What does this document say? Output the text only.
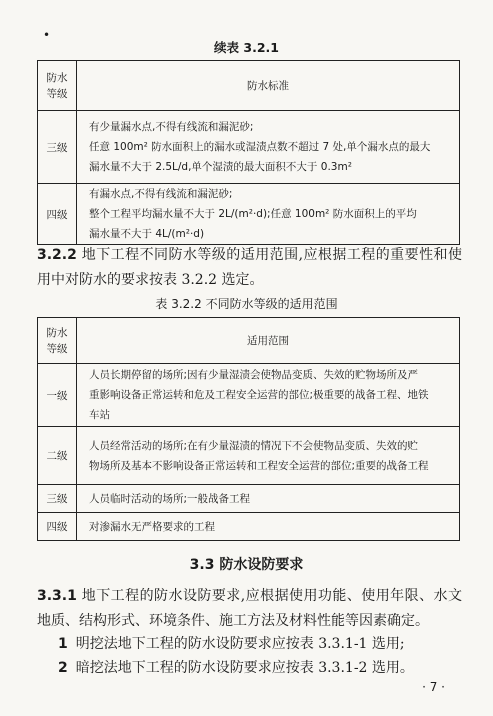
•
续表 3.2.1
防水
等级	防水标准
三级	有少量漏水点,不得有线流和漏泥砂;
任意 100m² 防水面积上的漏水或湿渍点数不超过 7 处,单个漏水点的最大
漏水量不大于 2.5L/d,单个湿渍的最大面积不大于 0.3m²

四级	有漏水点,不得有线流和漏泥砂;
整个工程平均漏水量不大于 2L/(m²·d);任意 100m² 防水面积上的平均
漏水量不大于 4L/(m²·d)
3.2.2 地下工程不同防水等级的适用范围,应根据工程的重要性和使用中对防水的要求按表 3.2.2 选定。
表 3.2.2 不同防水等级的适用范围
防水
等级	适用范围
一级	人员长期停留的场所;因有少量湿渍会使物品变质、失效的贮物场所及严
重影响设备正常运转和危及工程安全运营的部位;极重要的战备工程、地铁
车站

二级	人员经常活动的场所;在有少量湿渍的情况下不会使物品变质、失效的贮
物场所及基本不影响设备正常运转和工程安全运营的部位;重要的战备工程

三级	人员临时活动的场所;一般战备工程

四级	对渗漏水无严格要求的工程
3.3 防水设防要求
3.3.1 地下工程的防水设防要求,应根据使用功能、使用年限、水文地质、结构形式、环境条件、施工方法及材料性能等因素确定。
1 明挖法地下工程的防水设防要求应按表 3.3.1-1 选用;
2 暗挖法地下工程的防水设防要求应按表 3.3.1-2 选用。
· 7 ·
